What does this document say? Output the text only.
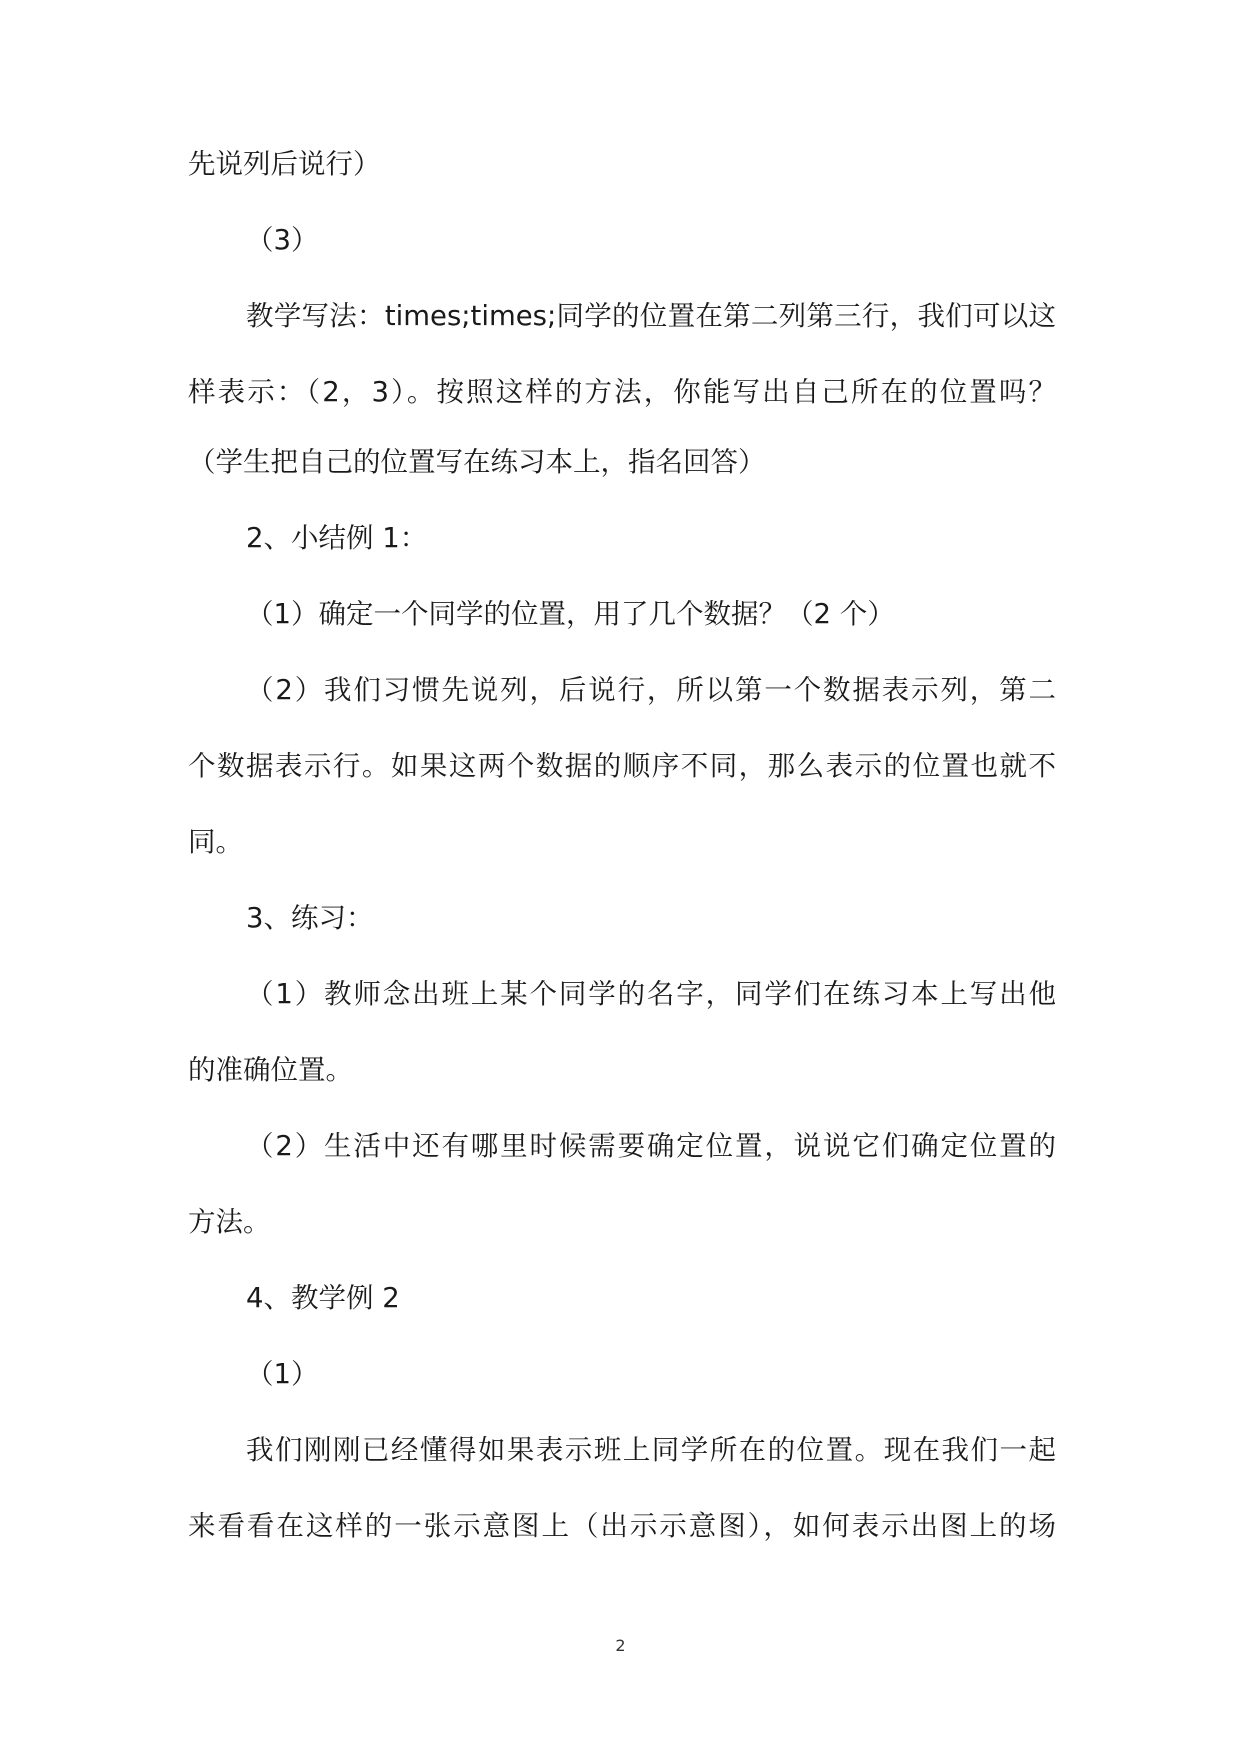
先说列后说行）
（3）
教学写法：times;times;同学的位置在第二列第三行，我们可以这
样表示：（2，3）。按照这样的方法，你能写出自己所在的位置吗？
（学生把自己的位置写在练习本上，指名回答）
2、小结例 1：
（1）确定一个同学的位置，用了几个数据？（2 个）
（2）我们习惯先说列，后说行，所以第一个数据表示列，第二
个数据表示行。如果这两个数据的顺序不同，那么表示的位置也就不
同。
3、练习：
（1）教师念出班上某个同学的名字，同学们在练习本上写出他
的准确位置。
（2）生活中还有哪里时候需要确定位置，说说它们确定位置的
方法。
4、教学例 2
（1）
我们刚刚已经懂得如果表示班上同学所在的位置。现在我们一起
来看看在这样的一张示意图上（出示示意图），如何表示出图上的场
2
